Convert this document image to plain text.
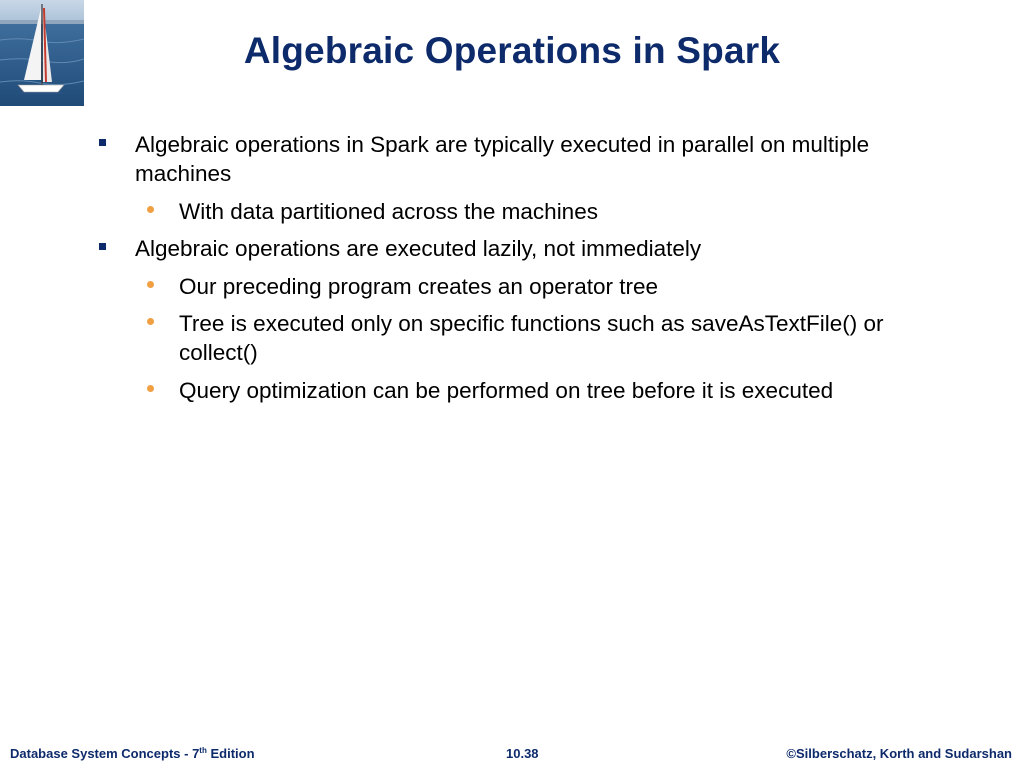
Algebraic Operations in Spark
Algebraic operations in Spark are typically executed in parallel on multiple machines
With data partitioned across the machines
Algebraic operations are executed lazily, not immediately
Our preceding program creates an operator tree
Tree is executed only on specific functions such as saveAsTextFile() or collect()
Query optimization can be performed on tree before it is executed
Database System Concepts - 7th Edition	10.38	©Silberschatz, Korth and Sudarshan
